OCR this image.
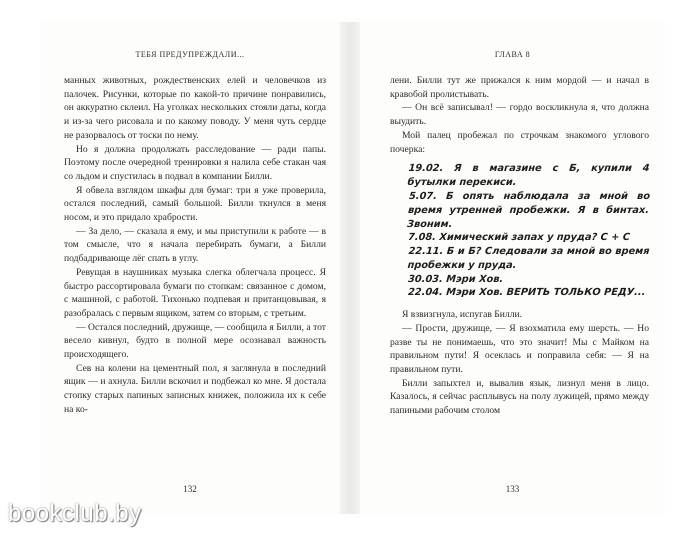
ТЕБЯ ПРЕДУПРЕЖДАЛИ...

манных животных, рождественских елей и человечков из палочек. Рисунки, которые по какой-то причине понравились, он аккуратно склеил. На уголках нескольких стояли даты, когда и из-за чего рисовала и по какому поводу. У меня чуть сердце не разорвалось от тоски по нему.

Но я должна продолжать расследование — ради папы. Поэтому после очередной тренировки я налила себе стакан чая со льдом и спустилась в подвал в компании Билли.

Я обвела взглядом шкафы для бумаг: три я уже проверила, остался последний, самый большой. Билли ткнулся в меня носом, и это придало храбрости.

— За дело, — сказала я ему, и мы приступили к работе — в том смысле, что я начала перебирать бумаги, а Билли подбадривающе лёг спать в углу.

Ревущая в наушниках музыка слегка облегчала процесс. Я быстро рассортировала бумаги по стопкам: связанное с домом, с машиной, с работой. Тихонько подпевая и пританцовывая, я разобралась с первым ящиком, затем со вторым, с третьим.

— Остался последний, дружище, — сообщила я Билли, а тот весело кивнул, будто в полной мере осознавал важность происходящего.

Сев на колени на цементный пол, я заглянула в последний ящик — и ахнула. Билли вскочил и подбежал ко мне. Я достала стопку старых папиных записных книжек, положила их к себе на ко-

132
ГЛАВА 8

лени. Билли тут же прижался к ним мордой — и начал в кравобой пролистывать.

— Он всё записывал! — гордо воскликнула я, что должна выудить.

Мой палец пробежал по строчкам знакомого углового почерка:

19.02. Я в магазине с Б, купили 4 бутылки перекиси.
5.07. Б опять наблюдала за мной во время утренней пробежки. Я в бинтах. Звоним.
7.08. Химический запах у пруда? С + С
22.11. Б и Б? Следовали за мной во время пробежки у пруда.
30.03. Мэри Хов.
22.04. Мэри Хов. ВЕРИТЬ ТОЛЬКО РЕДУ...

Я взвизгнула, испугав Билли.

— Прости, дружище, — Я взохматила ему шерсть. — Но разве ты не понимаешь, что это значит! Мы с Майком на правильном пути! Я осеклась и поправила себя: — Я на правильном пути.

Билли запыхтел и, вывалив язык, лизнул меня в лицо. Казалось, я сейчас расплывусь на полу лужицей, прямо между папиными рабочим столом

133
bookclub.by
